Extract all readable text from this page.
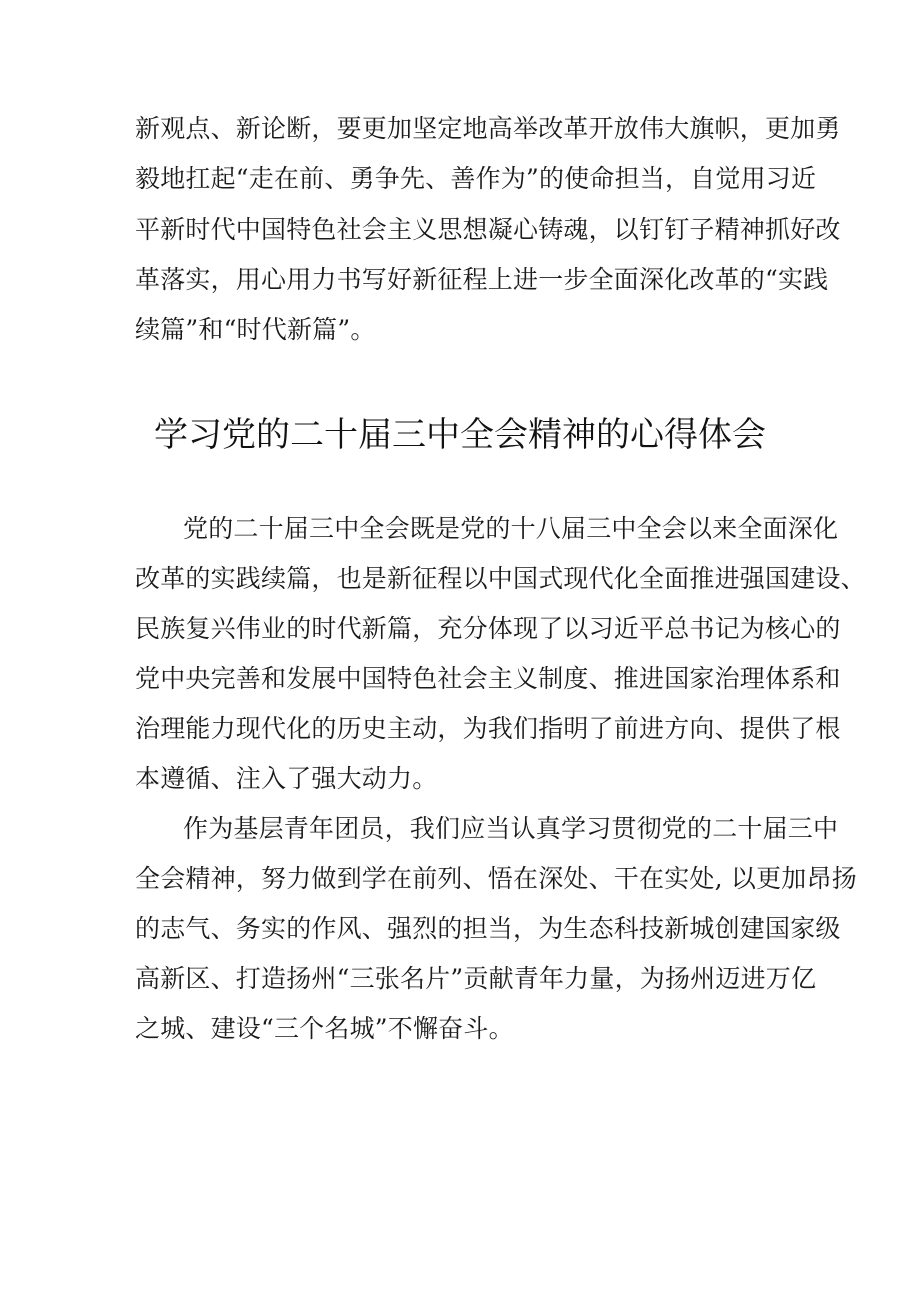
新观点、新论断，要更加坚定地高举改革开放伟大旗帜，更加勇
毅地扛起“走在前、勇争先、善作为”的使命担当，自觉用习近
平新时代中国特色社会主义思想凝心铸魂，以钉钉子精神抓好改
革落实，用心用力书写好新征程上进一步全面深化改革的“实践
续篇”和“时代新篇”。
学习党的二十届三中全会精神的心得体会
党的二十届三中全会既是党的十八届三中全会以来全面深化
改革的实践续篇，也是新征程以中国式现代化全面推进强国建设、
民族复兴伟业的时代新篇，充分体现了以习近平总书记为核心的
党中央完善和发展中国特色社会主义制度、推进国家治理体系和
治理能力现代化的历史主动，为我们指明了前进方向、提供了根
本遵循、注入了强大动力。
作为基层青年团员，我们应当认真学习贯彻党的二十届三中
全会精神，努力做到学在前列、悟在深处、干在实处, 以更加昂扬
的志气、务实的作风、强烈的担当，为生态科技新城创建国家级
高新区、打造扬州“三张名片”贡献青年力量，为扬州迈进万亿
之城、建设“三个名城”不懈奋斗。
